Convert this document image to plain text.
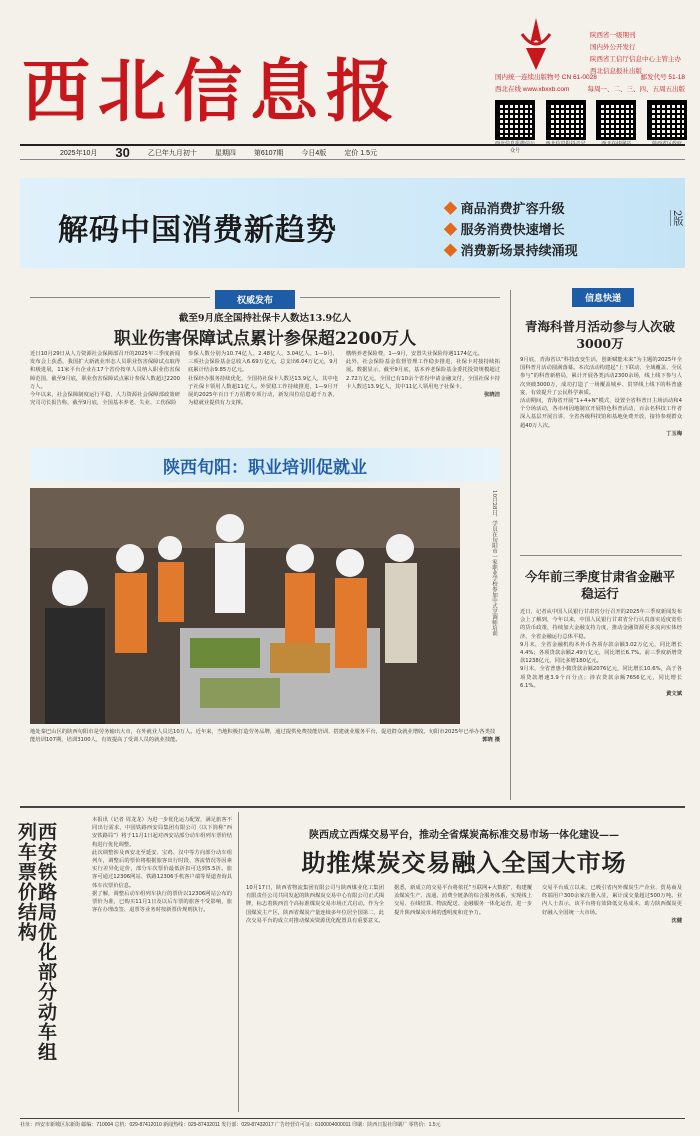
西北信息报
陕西省一级期刊
国内外公开发行
陕西省工信厅信息中心主管主办
西北信息报社出版
国内统一连续出版物号 CN 61-0028	邮发代号 51-18
西北在线 www.xbxxb.com	每周一、二、三、四、五周五出版
西北信息报微信公众号
西北信息报抖音号	西北在线网站	陕西省区政府
2025年10月 30	乙巳年九月初十	星期四	第6107期	今日4版	定价 1.5元
解码中国消费新趋势
◆ 商品消费扩容升级
◆ 服务消费快速增长
◆ 消费新场景持续涌现
2版
权威发布
截至9月底全国持社保卡人数达13.9亿人
职业伤害保障试点累计参保超2200万人

近日10月29日从人力资源社会保障部召开的2025年三季度新闻发布会上获悉，我国扩大新就业形态人员职业伤害保障试点取得积极进展，11家平台企业在17个省份按单人员纳入职业伤害保障范围，截至9月底，职业伤害保障试点累计参保人数超过2200万人。

今年以来，社会保障制度运行平稳，人力资源社会保障部政策研究司司长报告称，截至9月底，全国基本养老、失业、工伤保险

参保人数分别为10.74亿人、2.48亿人、3.04亿人。1—9月，三项社会保险基金总收入6.69万亿元，总支出6.04万亿元，9月底累计结余9.85万亿元。

社保经办服务持续优化，全国持社保卡人数达13.9亿人，其中电子社保卡领用人数超11亿人。外贸稳工作持续推进，1—9月开展的2025年百日千万招聘专项行动，新发岗位信息超千万条，为稳就业提供有力支撑。

缴纳养老保险费，1—9月，安置失业保险待遇1174亿元。

此外，社会保险基金监督管理工作稳步推进，社保卡对接持续拓展。数据显示，截至9月底，基本养老保险基金委托投资规模超过2.72万亿元，全国已有10余个省份申请金融支付，全国社保卡持卡人数达13.9亿人，其中11亿人领用电子社保卡。

张晓洁

陕西旬阳：职业培训促就业
10月28日，学员在旬阳市一家职业学校参加中式烹调师培训
地处秦巴山区的陕西旬阳市是劳务输出大市，在外就业人员达10万人。近年来，当地积极打造劳务品牌，通过提供免费技能培训、搭建就业服务平台，促进群众就业增收。旬阳市2025年已举办各类技能培训107期，培训3100人，有效提高了受训人员的就业技能。	郭晓 摄
信息快递
青海科普月活动参与人次破3000万

9月底，青海省以“科技改变生活，创新赋能未来”为主题的2025年全国科普月活动圆满落幕。本次活动构建起“上下联动、全域覆盖、全民参与”的科普新格局，累计开展各类活动2300余场，线上线下参与人次突破3000万，成功打造了一场覆盖城乡、贯穿线上线下的科普盛宴，有效提升了公民科学素质。

活动期间，青海省开展“1+4+N”模式，设置全省科普日主场活动和4个分场活动，各市州因地制宜开展特色科普活动，百余名科技工作者深入基层开展宣讲，全省各级科技馆和基地免费开放，接待参观群众超40万人次。

丁玉梅

今年前三季度甘肃省金融平稳运行

近日，记者从中国人民银行甘肃省分行召开的2025年三季度新闻发布会上了解到，今年以来，中国人民银行甘肃省分行认真落实适度宽松的货币政策，持续加大金融支持力度，推动金融资源更多流向实体经济，全省金融运行总体平稳。

9月末，全省金融机构本外币各项存款余额3.02万亿元，同比增长4.4%；各项贷款余额2.49万亿元，同比增长6.7%。前三季度新增贷款1238亿元，同比多增180亿元。

9月末，全省普惠小微贷款余额2076亿元，同比增长10.6%，高于各项贷款增速3.9个百分点；涉农贷款余额7656亿元，同比增长6.1%。

黄文斌

西安铁路局优化部分动车组列车票价结构

本报讯（记者 周龙龙）为进一步优化运力配置，满足旅客不同出行需求，中国铁路西安局集团有限公司（以下简称“西安铁路局”）将于11月1日起对西安站部分动车组列车票价结构进行优化调整。

此次调整涉及西安北至延安、宝鸡、汉中等方向部分动车组列车，调整后的票价将根据旅客出行时段、客流情况等因素实行差异化定价，部分车次票价最低折扣可达到5.5折。旅客可通过12306网站、铁路12306手机客户端等渠道查询具体车次票价信息。

据了解，调整后动车组列车执行的票价以12306网站公布的票价为准，已购买11月1日及以后车票的旅客不受影响，旅客在办理改签、退票等业务时按新票价规则执行。

陕西成立西煤交易平台，推动全省煤炭高标准交易市场一体化建设——
助推煤炭交易融入全国大市场
10月17日，陕西省物流集团有限公司与陕西煤业化工集团有限责任公司共同发起的陕西煤炭交易中心有限公司正式揭牌，标志着陕西首个高标准煤炭交易市场正式启动。作为全国煤炭主产区，陕西省煤炭产量连续多年位居全国第二，此次交易平台的成立对推动煤炭资源优化配置具有重要意义。
据悉，新成立的交易平台将依托“互联网+大数据”，构建覆盖煤炭生产、流通、消费全链条的综合服务体系，实现线上交易、在线结算、物流配送、金融服务一体化运营，进一步提升陕西煤炭市场的透明度和竞争力。

交易平台成立以来，已吸引省内外煤炭生产企业、贸易商及终端用户300余家注册入驻，累计成交量超过500万吨。业内人士表示，该平台将有效降低交易成本，助力陕西煤炭更好融入全国统一大市场。

沈健

社址：西安市新城区东新街 邮编：710004 总机：029-87412010 新闻热线：029-87432011 发行部：029-87432017 广告经营许可证：6100004000011 印刷：陕西日报社印刷厂 零售价：1.5元
